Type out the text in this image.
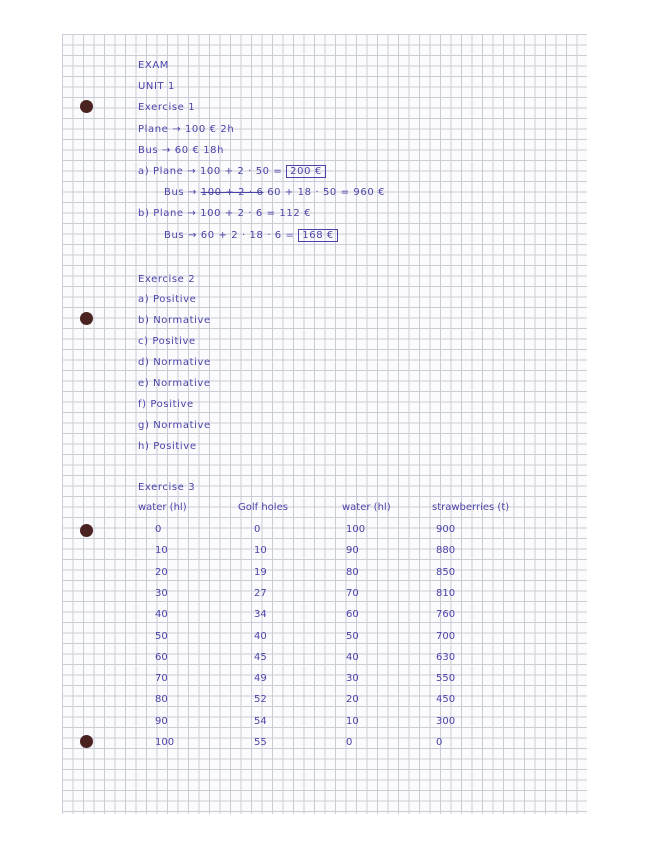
EXAM
UNIT 1
Exercise 1
Plane → 100 € 2h
Bus → 60 € 18h
a) Plane → 100 + 2 · 50 = 200 €
Bus → 100 + 2 · 6 60 + 18 · 50 = 960 €
b) Plane → 100 + 2 · 6 = 112 €
Bus → 60 + 2 · 18 · 6 = 168 €
Exercise 2
a) Positive
b) Normative
c) Positive
d) Normative
e) Normative
f) Positive
g) Normative
h) Positive
Exercise 3
water (hl)	Golf holes	water (hl)	strawberries (t)
0	0	100	900
10	10	90	880
20	19	80	850
30	27	70	810
40	34	60	760
50	40	50	700
60	45	40	630
70	49	30	550
80	52	20	450
90	54	10	300
100	55	0	0
